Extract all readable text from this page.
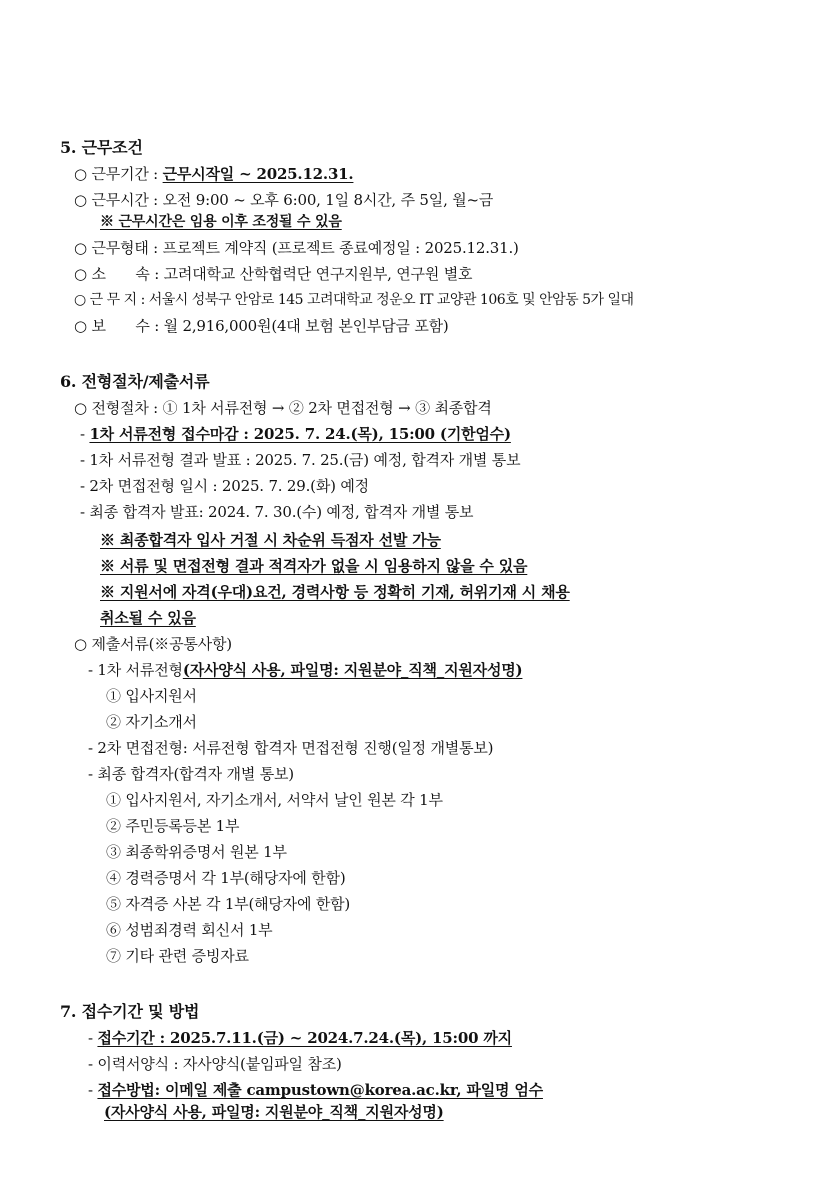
5. 근무조건
○ 근무기간 : 근무시작일 ~ 2025.12.31.
○ 근무시간 : 오전 9:00 ~ 오후 6:00, 1일 8시간, 주 5일, 월~금
※ 근무시간은 임용 이후 조정될 수 있음
○ 근무형태 : 프로젝트 계약직 (프로젝트 종료예정일 : 2025.12.31.)
○ 소　　속 : 고려대학교 산학협력단 연구지원부, 연구원 별호
○ 근 무 지 : 서울시 성북구 안암로 145 고려대학교 정운오 IT 교양관 106호 및 안암동 5가 일대
○ 보　　수 : 월 2,916,000원(4대 보험 본인부담금 포함)
6. 전형절차/제출서류
○ 전형절차 : ① 1차 서류전형 → ② 2차 면접전형 → ③ 최종합격
- 1차 서류전형 접수마감 : 2025. 7. 24.(목), 15:00 (기한엄수)
- 1차 서류전형 결과 발표 : 2025. 7. 25.(금) 예정, 합격자 개별 통보
- 2차 면접전형 일시 : 2025. 7. 29.(화) 예정
- 최종 합격자 발표: 2024. 7. 30.(수) 예정, 합격자 개별 통보
※ 최종합격자 입사 거절 시 차순위 득점자 선발 가능
※ 서류 및 면접전형 결과 적격자가 없을 시 임용하지 않을 수 있음
※ 지원서에 자격(우대)요건, 경력사항 등 정확히 기재, 허위기재 시 채용
취소될 수 있음
○ 제출서류(※공통사항)
- 1차 서류전형(자사양식 사용, 파일명: 지원분야_직책_지원자성명)
① 입사지원서
② 자기소개서
- 2차 면접전형: 서류전형 합격자 면접전형 진행(일정 개별통보)
- 최종 합격자(합격자 개별 통보)
① 입사지원서, 자기소개서, 서약서 날인 원본 각 1부
② 주민등록등본 1부
③ 최종학위증명서 원본 1부
④ 경력증명서 각 1부(해당자에 한함)
⑤ 자격증 사본 각 1부(해당자에 한함)
⑥ 성범죄경력 회신서 1부
⑦ 기타 관련 증빙자료
7. 접수기간 및 방법
- 접수기간 : 2025.7.11.(금) ~ 2024.7.24.(목), 15:00 까지
- 이력서양식 : 자사양식(붙임파일 참조)
- 접수방법: 이메일 제출 campustown@korea.ac.kr, 파일명 엄수
(자사양식 사용, 파일명: 지원분야_직책_지원자성명)
